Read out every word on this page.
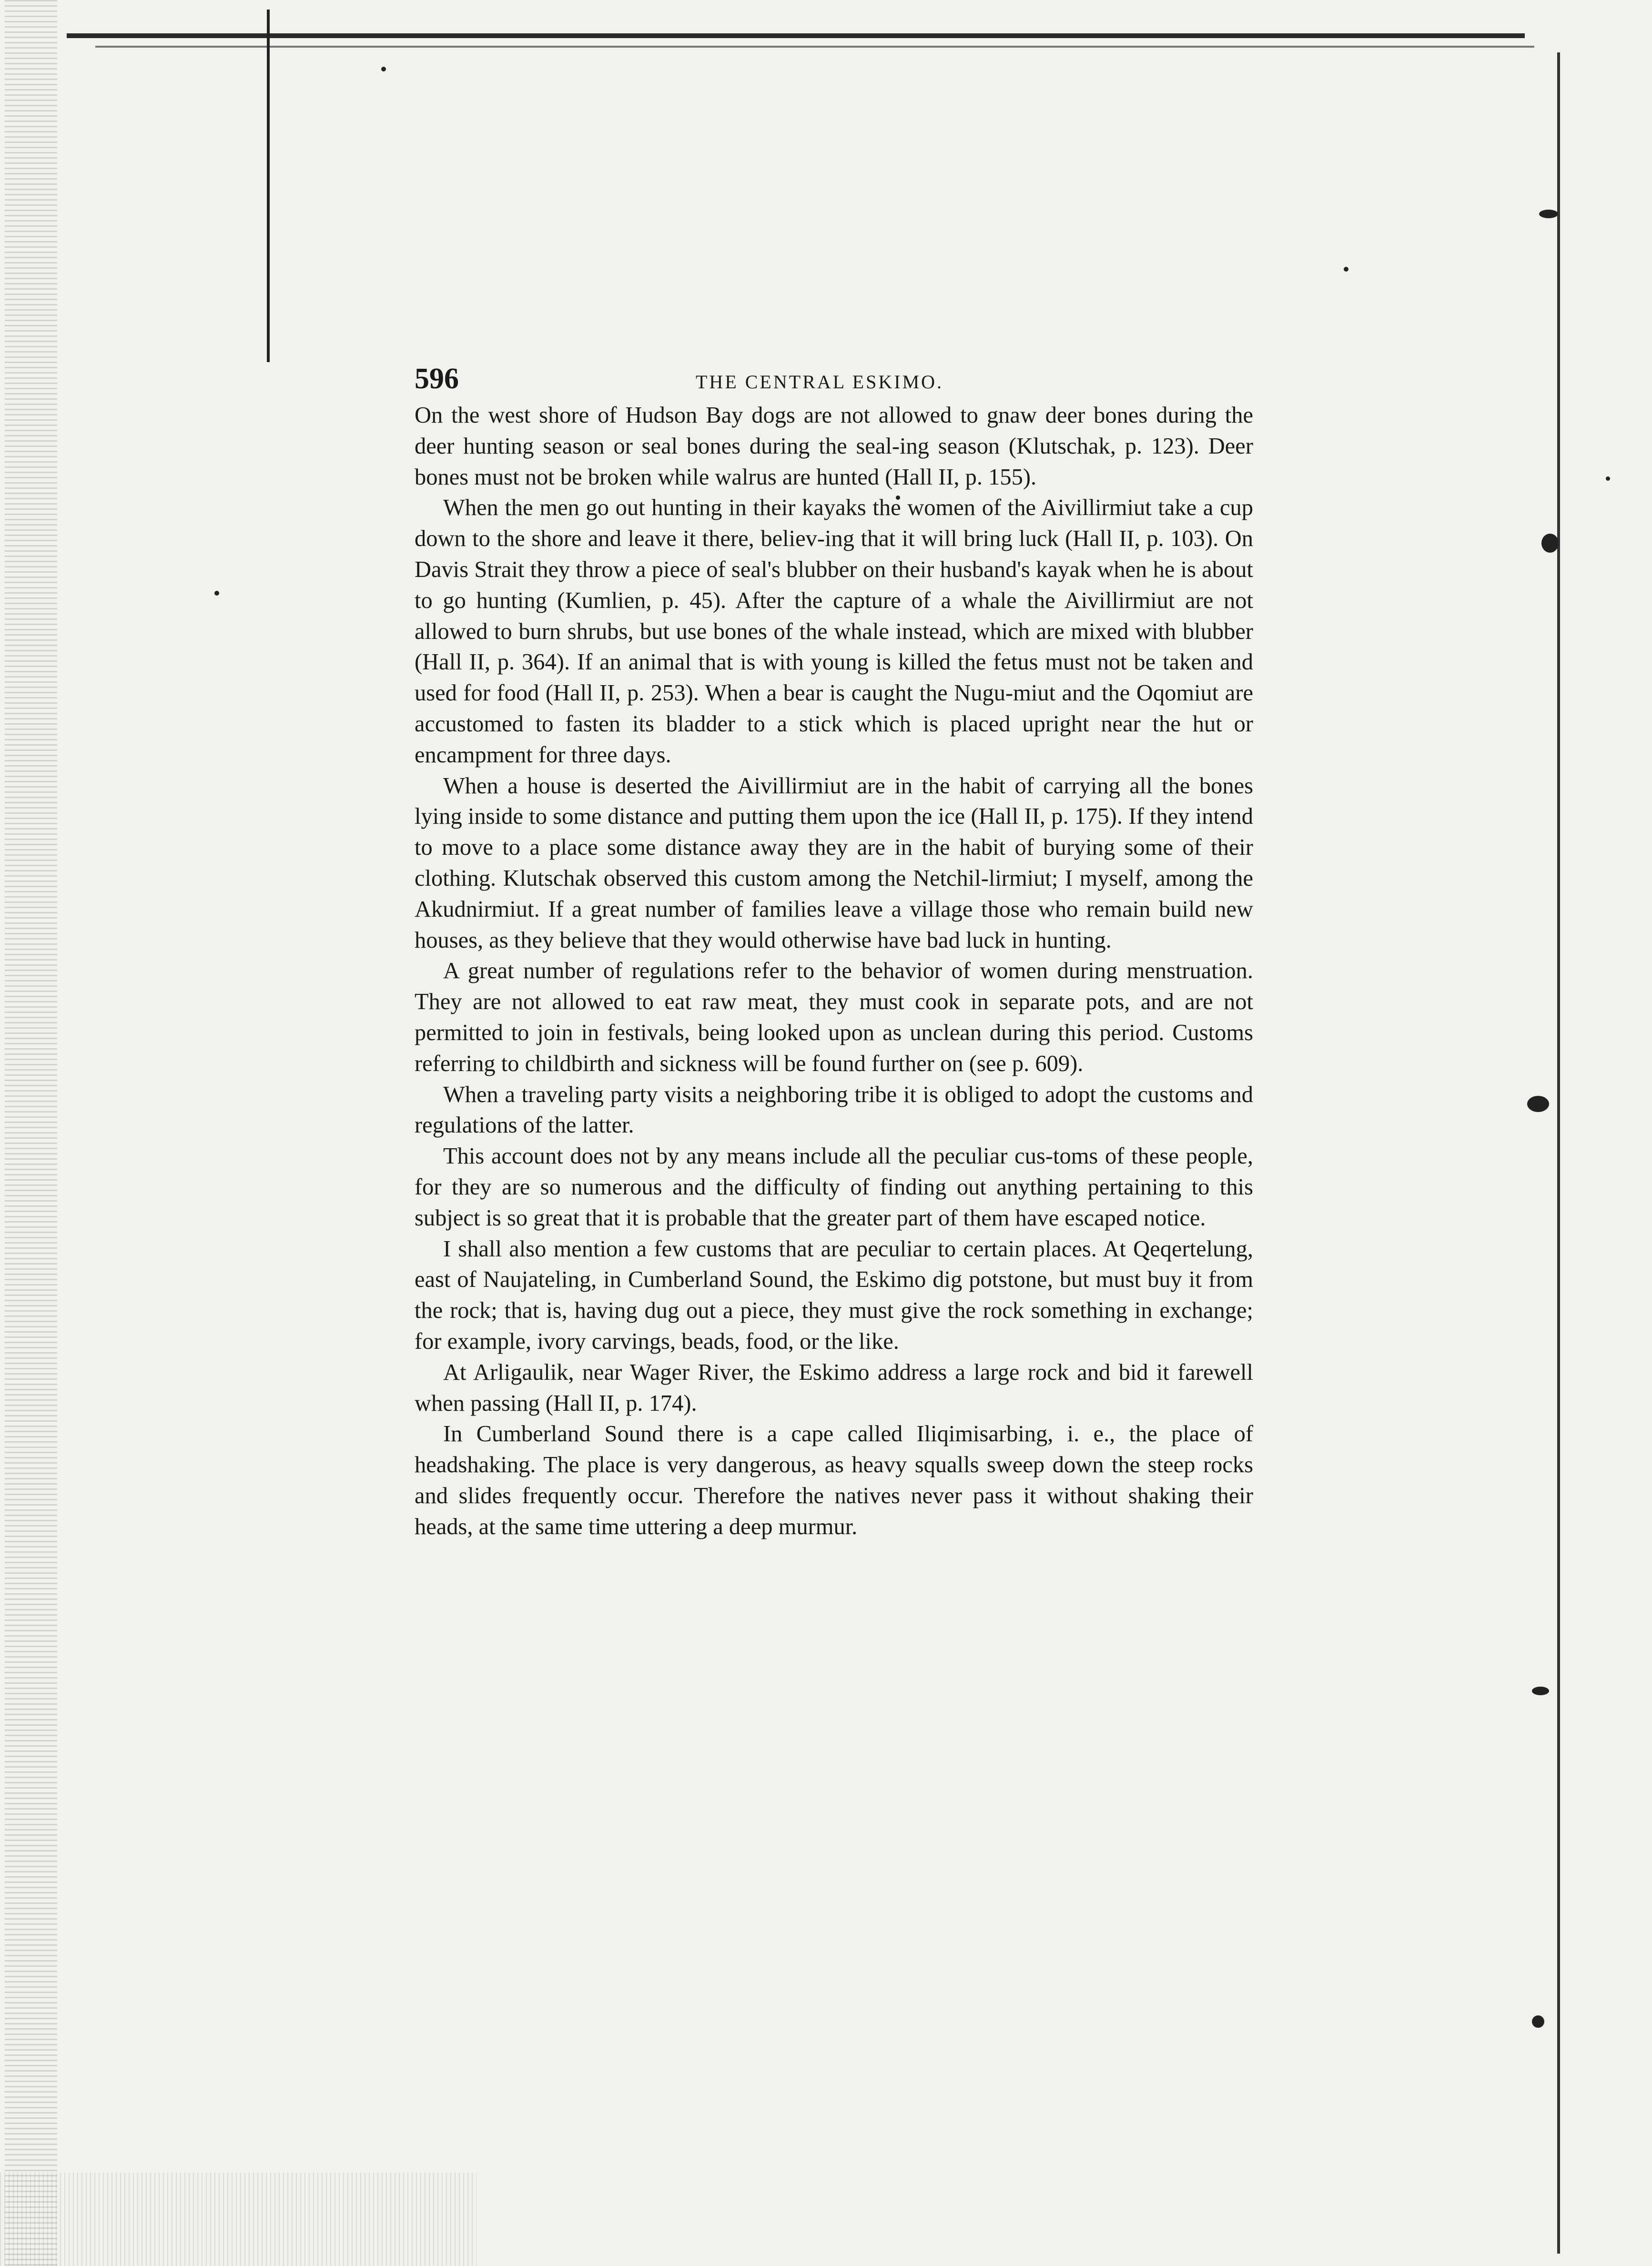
596	THE CENTRAL ESKIMO.

On the west shore of Hudson Bay dogs are not allowed to gnaw deer bones during the deer hunting season or seal bones during the seal-ing season (Klutschak, p. 123). Deer bones must not be broken while walrus are hunted (Hall II, p. 155).

When the men go out hunting in their kayaks the women of the Aivillirmiut take a cup down to the shore and leave it there, believ-ing that it will bring luck (Hall II, p. 103). On Davis Strait they throw a piece of seal's blubber on their husband's kayak when he is about to go hunting (Kumlien, p. 45). After the capture of a whale the Aivillirmiut are not allowed to burn shrubs, but use bones of the whale instead, which are mixed with blubber (Hall II, p. 364). If an animal that is with young is killed the fetus must not be taken and used for food (Hall II, p. 253). When a bear is caught the Nugu-miut and the Oqomiut are accustomed to fasten its bladder to a stick which is placed upright near the hut or encampment for three days.

When a house is deserted the Aivillirmiut are in the habit of carrying all the bones lying inside to some distance and putting them upon the ice (Hall II, p. 175). If they intend to move to a place some distance away they are in the habit of burying some of their clothing. Klutschak observed this custom among the Netchil-lirmiut; I myself, among the Akudnirmiut. If a great number of families leave a village those who remain build new houses, as they believe that they would otherwise have bad luck in hunting.

A great number of regulations refer to the behavior of women during menstruation. They are not allowed to eat raw meat, they must cook in separate pots, and are not permitted to join in festivals, being looked upon as unclean during this period. Customs referring to childbirth and sickness will be found further on (see p. 609).

When a traveling party visits a neighboring tribe it is obliged to adopt the customs and regulations of the latter.

This account does not by any means include all the peculiar cus-toms of these people, for they are so numerous and the difficulty of finding out anything pertaining to this subject is so great that it is probable that the greater part of them have escaped notice.

I shall also mention a few customs that are peculiar to certain places. At Qeqertelung, east of Naujateling, in Cumberland Sound, the Eskimo dig potstone, but must buy it from the rock; that is, having dug out a piece, they must give the rock something in exchange; for example, ivory carvings, beads, food, or the like.

At Arligaulik, near Wager River, the Eskimo address a large rock and bid it farewell when passing (Hall II, p. 174).

In Cumberland Sound there is a cape called Iliqimisarbing, i. e., the place of headshaking. The place is very dangerous, as heavy squalls sweep down the steep rocks and slides frequently occur. Therefore the natives never pass it without shaking their heads, at the same time uttering a deep murmur.
